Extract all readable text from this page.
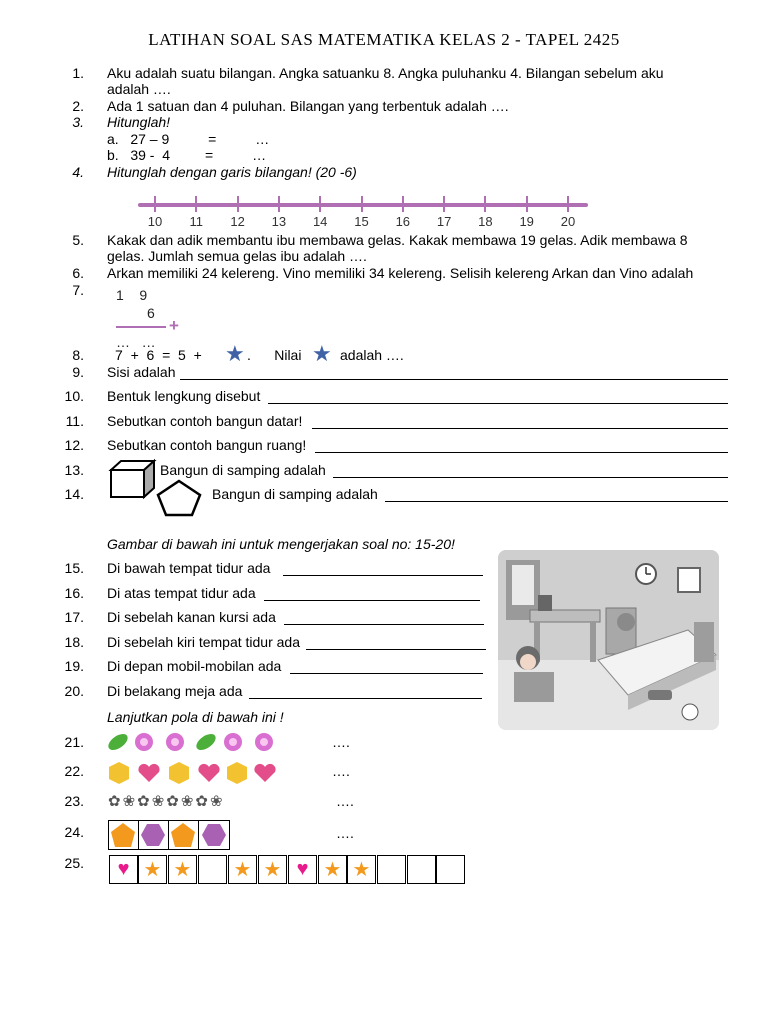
LATIHAN SOAL SAS MATEMATIKA KELAS 2 - TAPEL 2425
1. Aku adalah suatu bilangan. Angka satuanku 8. Angka puluhanku 4. Bilangan sebelum aku
adalah ….
2. Ada 1 satuan dan 4 puluhan. Bilangan yang terbentuk adalah ….
3. Hitunglah!
a.   27 – 9          =          …
b.   39 -  4         =          …
4. Hitunglah dengan garis bilangan! (20 -6)
10	11	12	13	14	15	16	17	18	19	20
5. Kakak dan adik membantu ibu membawa gelas. Kakak membawa 19 gelas. Adik membawa 8
gelas. Jumlah semua gelas ibu adalah ….
6. Arkan memiliki 24 kelereng. Vino memiliki 34 kelereng. Selisih kelereng Arkan dan Vino adalah
7. 1    9
6
+
…   …
8. 7  +  6  =  5  + ★ .      Nilai ★ adalah ….
9. Sisi adalah
10. Bentuk lengkung disebut
11. Sebutkan contoh bangun datar!
12. Sebutkan contoh bangun ruang!
13.	Bangun di samping adalah
14.	Bangun di samping adalah
Gambar di bawah ini untuk mengerjakan soal no: 15-20!
15. Di bawah tempat tidur ada
16. Di atas tempat tidur ada
17. Di sebelah kanan kursi ada
18. Di sebelah kiri tempat tidur ada
19. Di depan mobil-mobilan ada
20. Di belakang meja ada
Lanjutkan pola di bawah ini !
21.	….
22.	….
23. ✿❀✿❀✿❀✿❀	….
24.	….
25.	♥ ★ ★ ★ ★ ♥ ★ ★
